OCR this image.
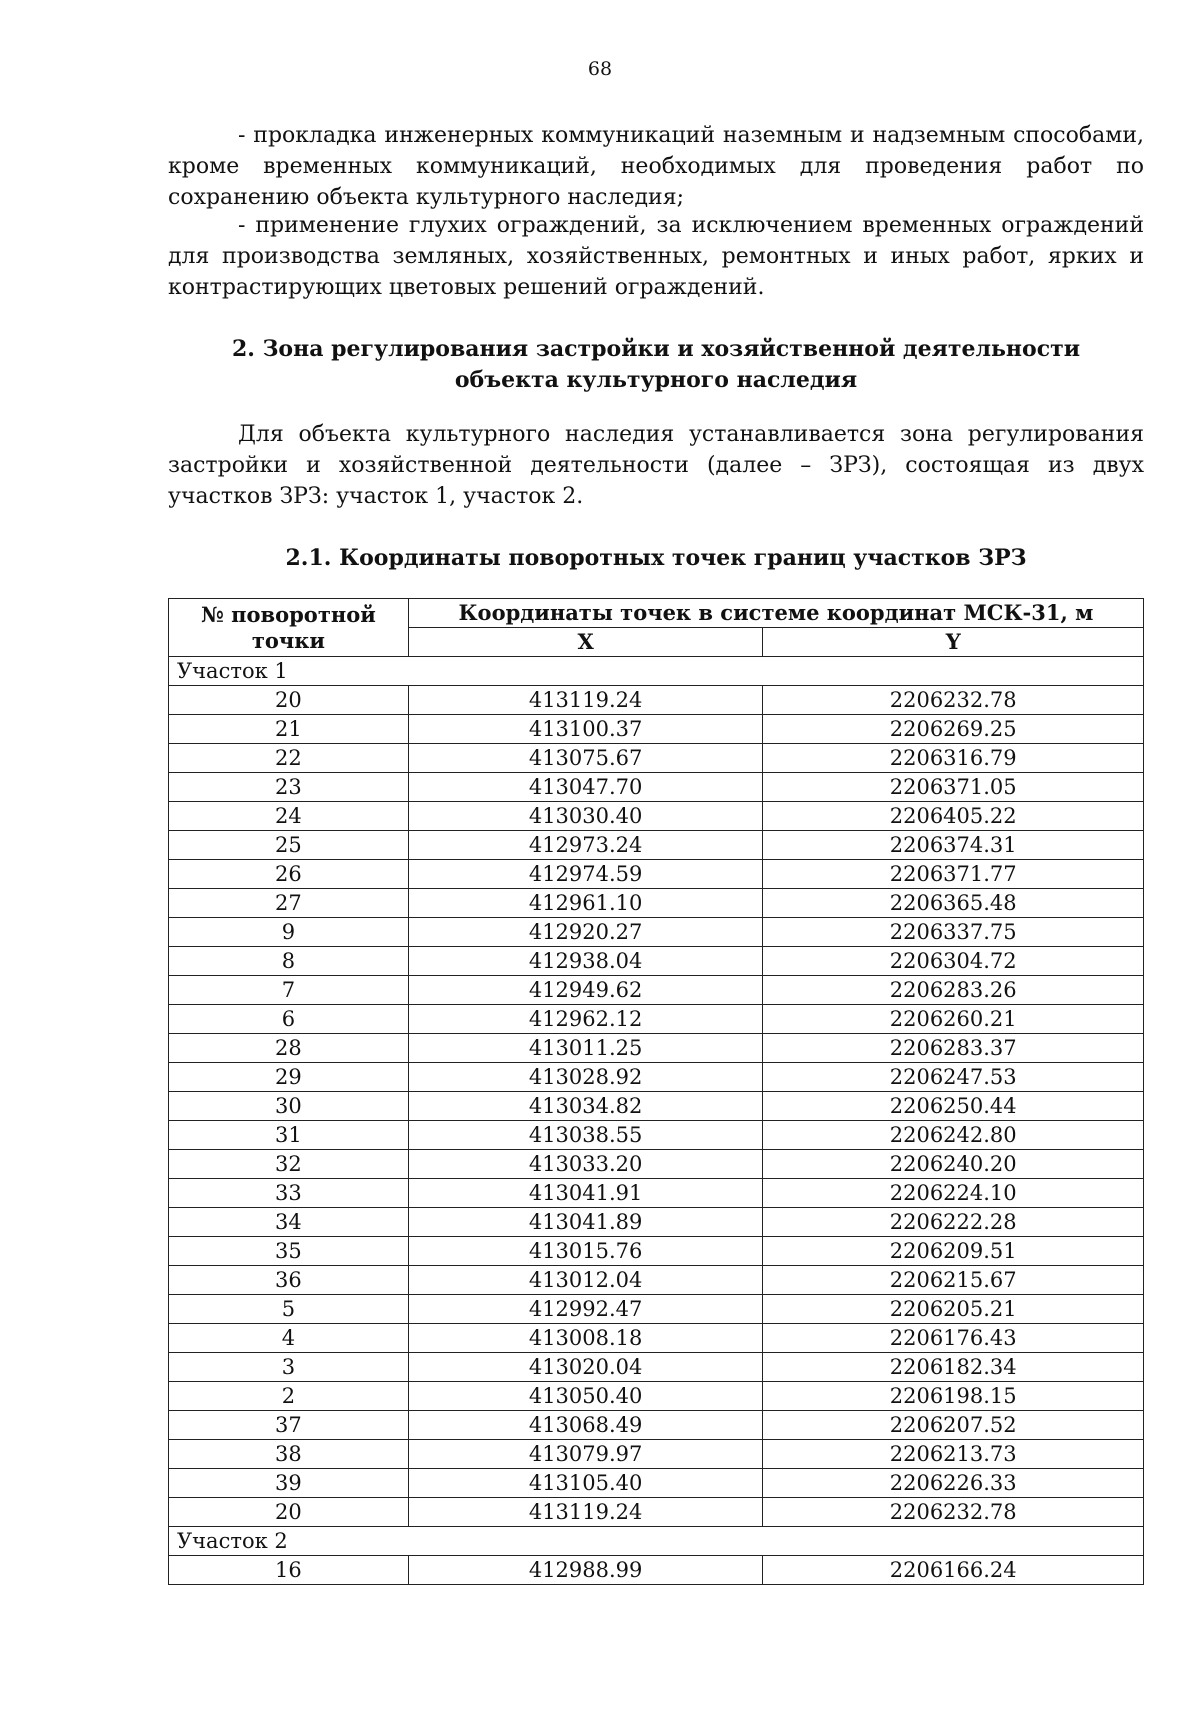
68

- прокладка инженерных коммуникаций наземным и надземным способами, кроме временных коммуникаций, необходимых для проведения работ по сохранению объекта культурного наследия;

- применение глухих ограждений, за исключением временных ограждений для производства земляных, хозяйственных, ремонтных и иных работ, ярких и контрастирующих цветовых решений ограждений.

2. Зона регулирования застройки и хозяйственной деятельности
объекта культурного наследия

Для объекта культурного наследия устанавливается зона регулирования застройки и хозяйственной деятельности (далее – ЗРЗ), состоящая из двух участков ЗРЗ: участок 1, участок 2.

2.1. Координаты поворотных точек границ участков ЗРЗ
№ поворотной точки	Координаты точек в системе координат МСК-31, м	
	X	Y
Участок 1		
20	413119.24	2206232.78
21	413100.37	2206269.25
22	413075.67	2206316.79
23	413047.70	2206371.05
24	413030.40	2206405.22
25	412973.24	2206374.31
26	412974.59	2206371.77
27	412961.10	2206365.48
9	412920.27	2206337.75
8	412938.04	2206304.72
7	412949.62	2206283.26
6	412962.12	2206260.21
28	413011.25	2206283.37
29	413028.92	2206247.53
30	413034.82	2206250.44
31	413038.55	2206242.80
32	413033.20	2206240.20
33	413041.91	2206224.10
34	413041.89	2206222.28
35	413015.76	2206209.51
36	413012.04	2206215.67
5	412992.47	2206205.21
4	413008.18	2206176.43
3	413020.04	2206182.34
2	413050.40	2206198.15
37	413068.49	2206207.52
38	413079.97	2206213.73
39	413105.40	2206226.33
20	413119.24	2206232.78
Участок 2		
16	412988.99	2206166.24
